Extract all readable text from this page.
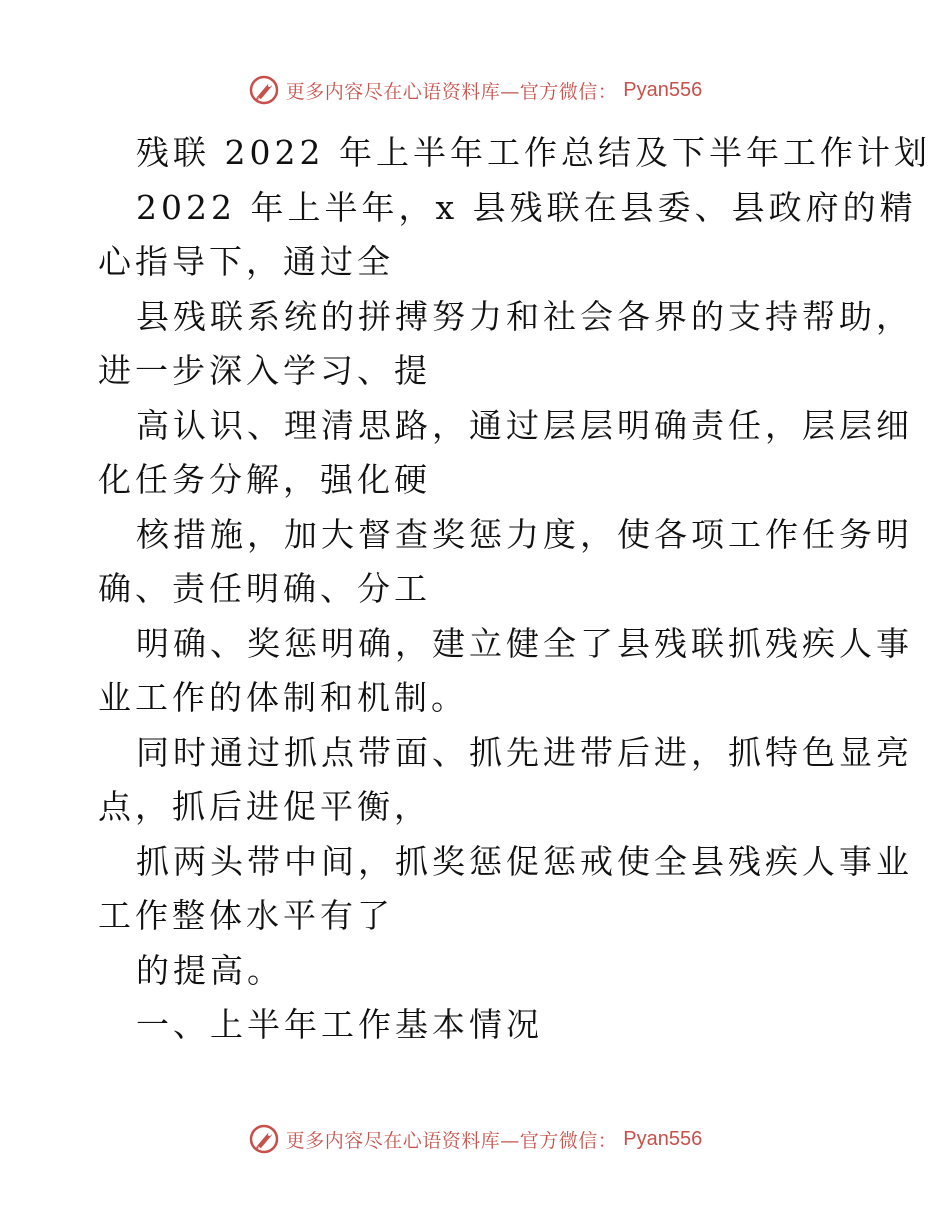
更多内容尽在心语资料库—官方微信： Pyan556
残联 2022 年上半年工作总结及下半年工作计划
2022 年上半年，x 县残联在县委、县政府的精
心指导下，通过全
县残联系统的拼搏努力和社会各界的支持帮助，
进一步深入学习、提
高认识、理清思路，通过层层明确责任，层层细
化任务分解，强化硬
核措施，加大督查奖惩力度，使各项工作任务明
确、责任明确、分工
明确、奖惩明确，建立健全了县残联抓残疾人事
业工作的体制和机制。
同时通过抓点带面、抓先进带后进，抓特色显亮
点，抓后进促平衡，
抓两头带中间，抓奖惩促惩戒使全县残疾人事业
工作整体水平有了
的提高。
一、上半年工作基本情况
更多内容尽在心语资料库—官方微信： Pyan556
